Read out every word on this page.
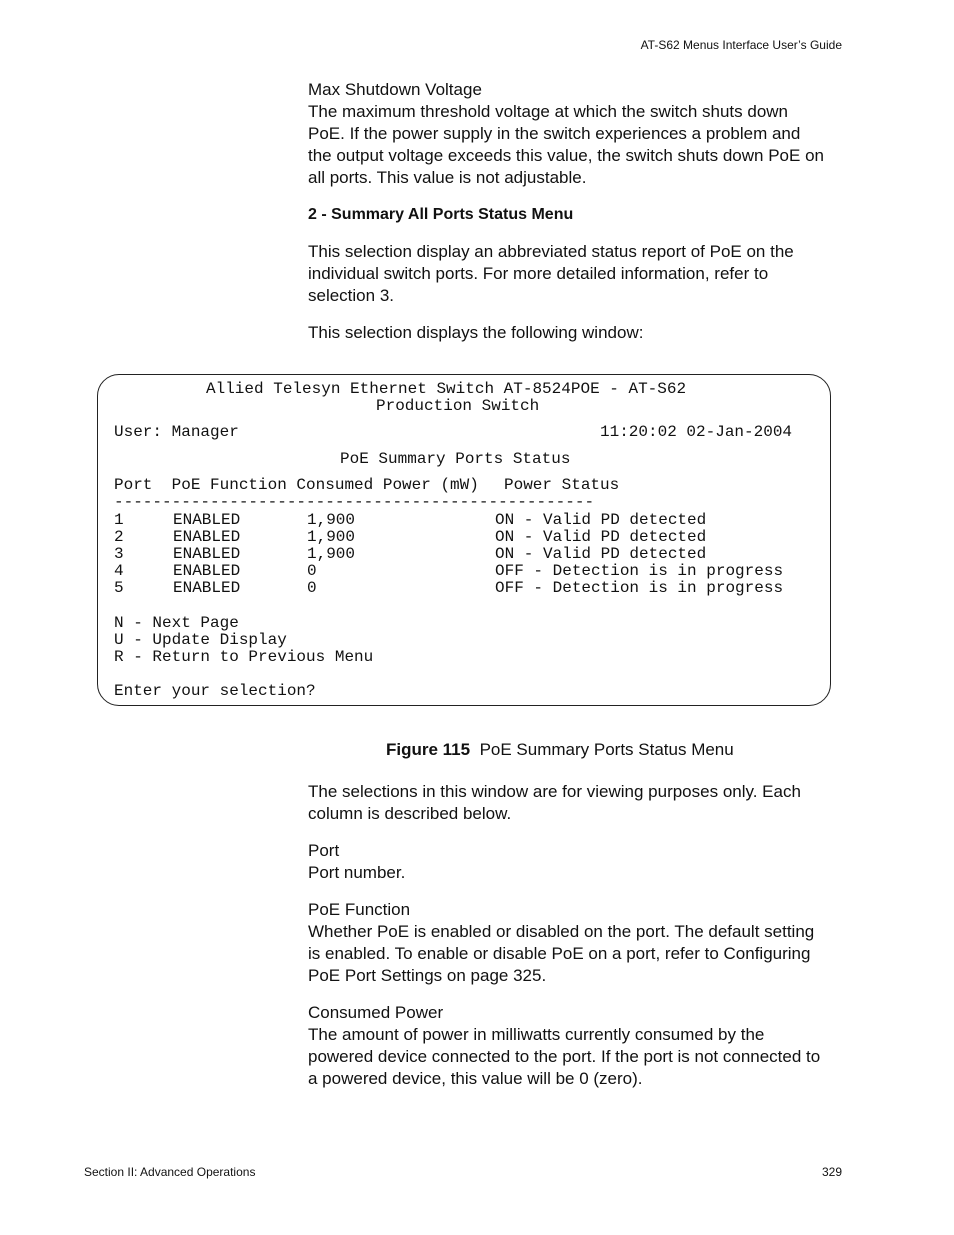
AT-S62 Menus Interface User’s Guide

Max Shutdown Voltage

The maximum threshold voltage at which the switch shuts down PoE. If the power supply in the switch experiences a problem and the output voltage exceeds this value, the switch shuts down PoE on all ports. This value is not adjustable.

2 - Summary All Ports Status Menu
This selection display an abbreviated status report of PoE on the individual switch ports. For more detailed information, refer to selection 3.
This selection displays the following window:
Allied Telesyn Ethernet Switch AT-8524POE - AT-S62
Production Switch
User: Manager	11:20:02 02-Jan-2004
PoE Summary Ports Status
Port  PoE Function Consumed Power (mW) Power Status
--------------------------------------------------
1	ENABLED	1,900	ON - Valid PD detected
2	ENABLED	1,900	ON - Valid PD detected
3	ENABLED	1,900	ON - Valid PD detected
4	ENABLED	0	OFF - Detection is in progress
5	ENABLED	0	OFF - Detection is in progress
N - Next Page
U - Update Display
R - Return to Previous Menu
Enter your selection?
Figure 115 PoE Summary Ports Status Menu
The selections in this window are for viewing purposes only. Each column is described below.

Port

Port number.

PoE Function

Whether PoE is enabled or disabled on the port. The default setting is enabled. To enable or disable PoE on a port, refer to Configuring PoE Port Settings on page 325.

Consumed Power

The amount of power in milliwatts currently consumed by the powered device connected to the port. If the port is not connected to a powered device, this value will be 0 (zero).

Section II: Advanced Operations	329
